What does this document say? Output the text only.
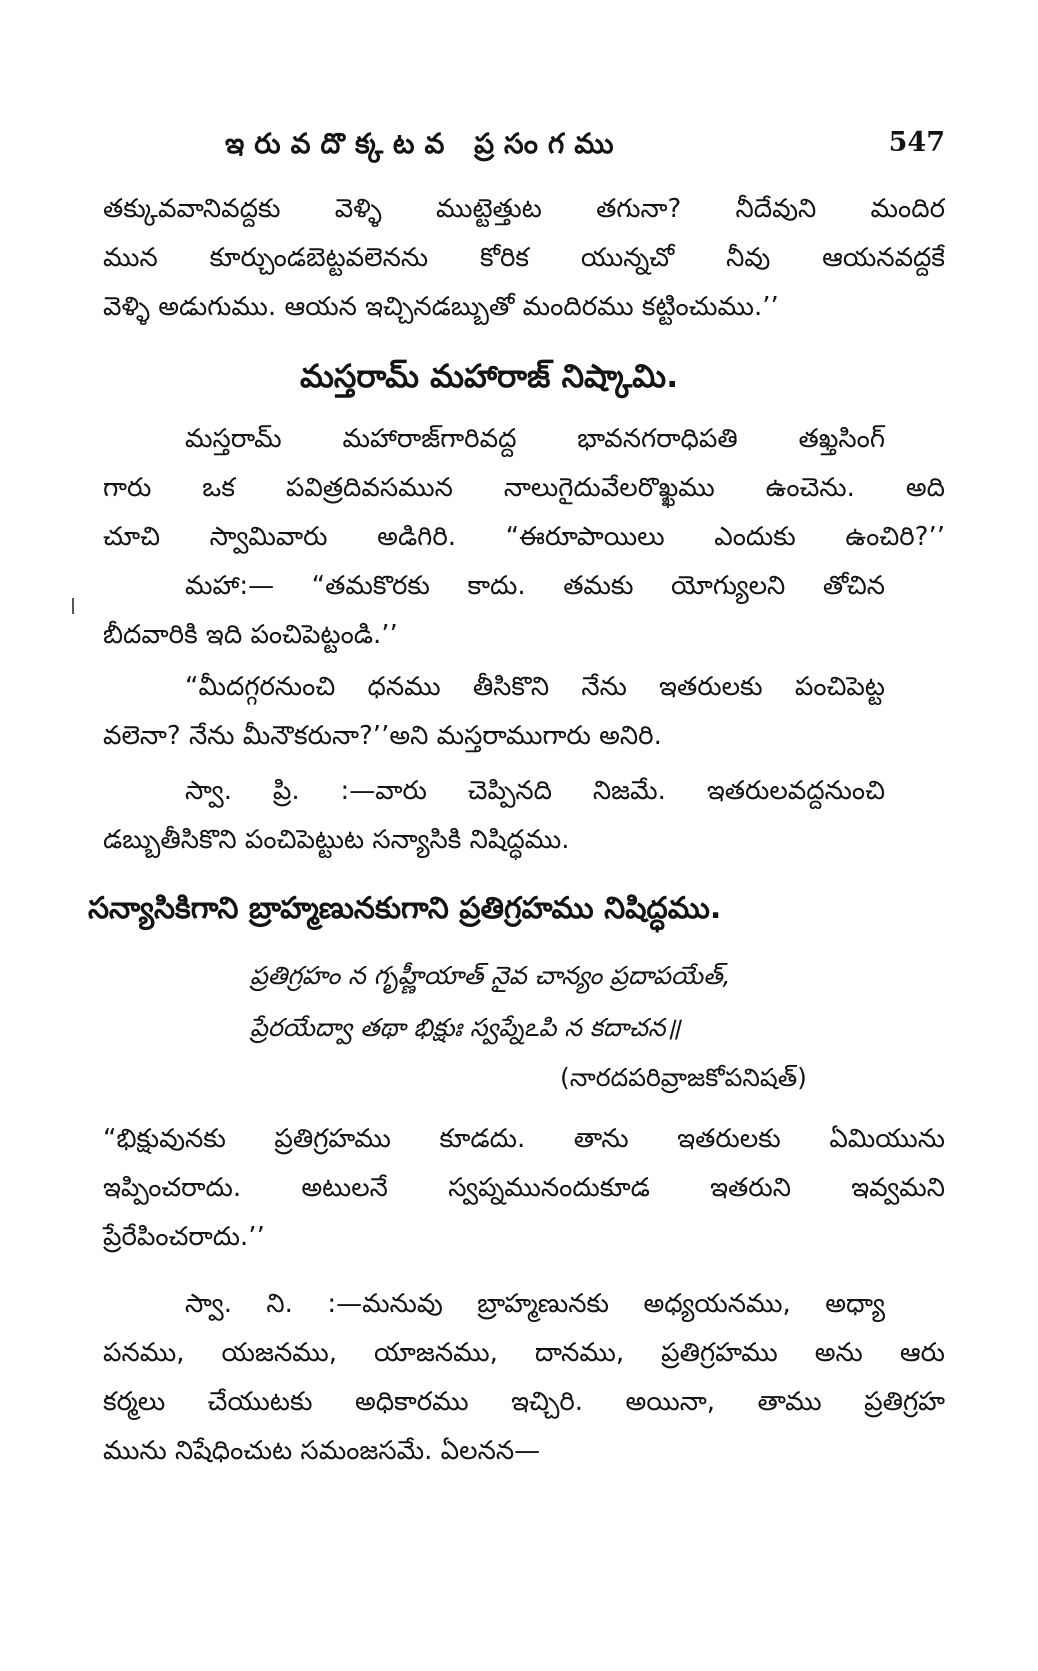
ఇరువదొక్కటవ ప్రసంగము	547
తక్కువవానివద్దకు వెళ్ళి ముట్టెత్తుట తగునా? నీదేవుని మందిర
మున కూర్చుండబెట్టవలెనను కోరిక యున్నచో నీవు ఆయనవద్దకే
వెళ్ళి అడుగుము. ఆయన ఇచ్చినడబ్బుతో మందిరము కట్టించుము.’’
మస్తరామ్ మహారాజ్ నిష్కామి.
మస్తరామ్ మహారాజ్‌గారివద్ద భావనగరాధిపతి తఖ్తసింగ్
గారు ఒక పవిత్రదివసమున నాలుగైదువేలరొఖ్ఖము ఉంచెను. అది
చూచి స్వామివారు అడిగిరి. “ఈరూపాయిలు ఎందుకు ఉంచిరి?’’
మహా:— “తమకొరకు కాదు. తమకు యోగ్యులని తోచిన
బీదవారికి ఇది పంచిపెట్టండి.’’
“మీదగ్గరనుంచి ధనము తీసికొని నేను ఇతరులకు పంచిపెట్ట
వలెనా? నేను మీనౌకరునా?’’అని మస్తరాముగారు అనిరి.
స్వా. ప్రి. :—వారు చెప్పినది నిజమే. ఇతరులవద్దనుంచి
డబ్బుతీసికొని పంచిపెట్టుట సన్యాసికి నిషిద్ధము.
సన్యాసికిగాని బ్రాహ్మణునకుగాని ప్రతిగ్రహము నిషిద్ధము.
ప్రతిగ్రహం న గృహ్ణీయాత్ నైవ చాన్యం ప్రదాపయేత్,
ప్రేరయేద్వా తథా భిక్షుః స్వప్నేఽపి న కదాచన॥
(నారదపరివ్రాజకోపనిషత్)
“భిక్షువునకు ప్రతిగ్రహము కూడదు. తాను ఇతరులకు ఏమియును
ఇప్పించరాదు. అటులనే స్వప్నమునందుకూడ ఇతరుని ఇవ్వమని
ప్రేరేపించరాదు.’’
స్వా. ని. :—మనువు బ్రాహ్మణునకు అధ్యయనము, అధ్యా
పనము, యజనము, యాజనము, దానము, ప్రతిగ్రహము అను ఆరు
కర్మలు చేయుటకు అధికారము ఇచ్చిరి. అయినా, తాము ప్రతిగ్రహ
మును నిషేధించుట సమంజసమే. ఏలనన—
